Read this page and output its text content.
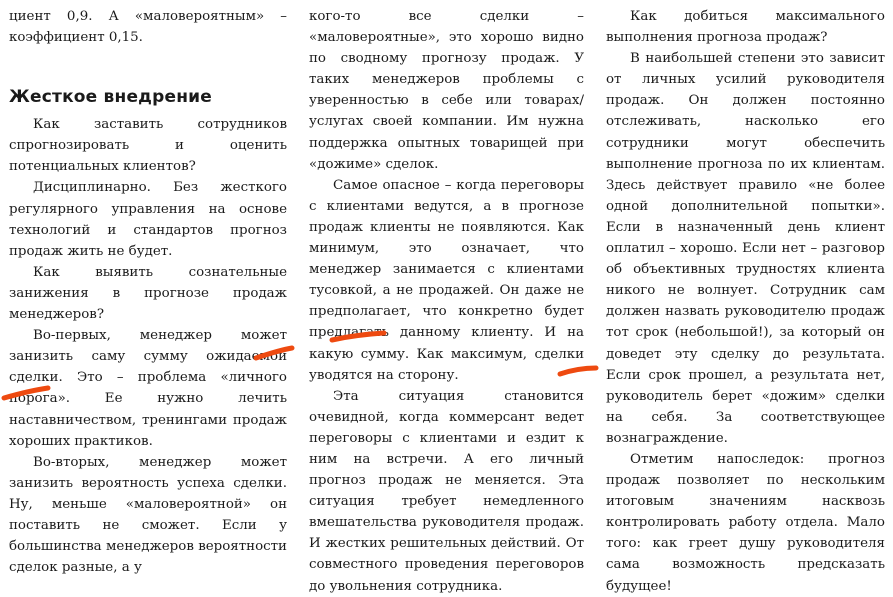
циент 0,9. А «маловероятным» – коэффициент 0,15.

Жесткое внедрение

Как заставить сотрудников спрогнозировать и оценить потенциальных клиентов?

Дисциплинарно. Без жесткого регулярного управления на основе технологий и стандартов прогноз продаж жить не будет.

Как выявить сознательные занижения в прогнозе продаж менеджеров?

Во-первых, менеджер может занизить саму сумму ожидаемой сделки. Это – проблема «личного порога». Ее нужно лечить наставничеством, тренингами продаж хороших практиков.

Во-вторых, менеджер может занизить вероятность успеха сделки. Ну, меньше «маловероятной» он поставить не сможет. Если у большинства менеджеров вероятности сделок разные, а у

кого-то все сделки – «маловероятные», это хорошо видно по сводному прогнозу продаж. У таких менеджеров проблемы с уверенностью в себе или товарах/услугах своей компании. Им нужна поддержка опытных товарищей при «дожиме» сделок.

Самое опасное – когда переговоры с клиентами ведутся, а в прогнозе продаж клиенты не появляются. Как минимум, это означает, что менеджер занимается с клиентами тусовкой, а не продажей. Он даже не предполагает, что конкретно будет предлагать данному клиенту. И на какую сумму. Как максимум, сделки уводятся на сторону.

Эта ситуация становится очевидной, когда коммерсант ведет переговоры с клиентами и ездит к ним на встречи. А его личный прогноз продаж не меняется. Эта ситуация требует немедленного вмешательства руководителя продаж. И жестких решительных действий. От совместного проведения переговоров до увольнения сотрудника.

Как добиться максимального выполнения прогноза продаж?

В наибольшей степени это зависит от личных усилий руководителя продаж. Он должен постоянно отслеживать, насколько его сотрудники могут обеспечить выполнение прогноза по их клиентам. Здесь действует правило «не более одной дополнительной попытки». Если в назначенный день клиент оплатил – хорошо. Если нет – разговор об объективных трудностях клиента никого не волнует. Сотрудник сам должен назвать руководителю продаж тот срок (небольшой!), за который он доведет эту сделку до результата. Если срок прошел, а результата нет, руководитель берет «дожим» сделки на себя. За соответствующее вознаграждение.

Отметим напоследок: прогноз продаж позволяет по нескольким итоговым значениям насквозь контролировать работу отдела. Мало того: как греет душу руководителя сама возможность предсказать будущее!
